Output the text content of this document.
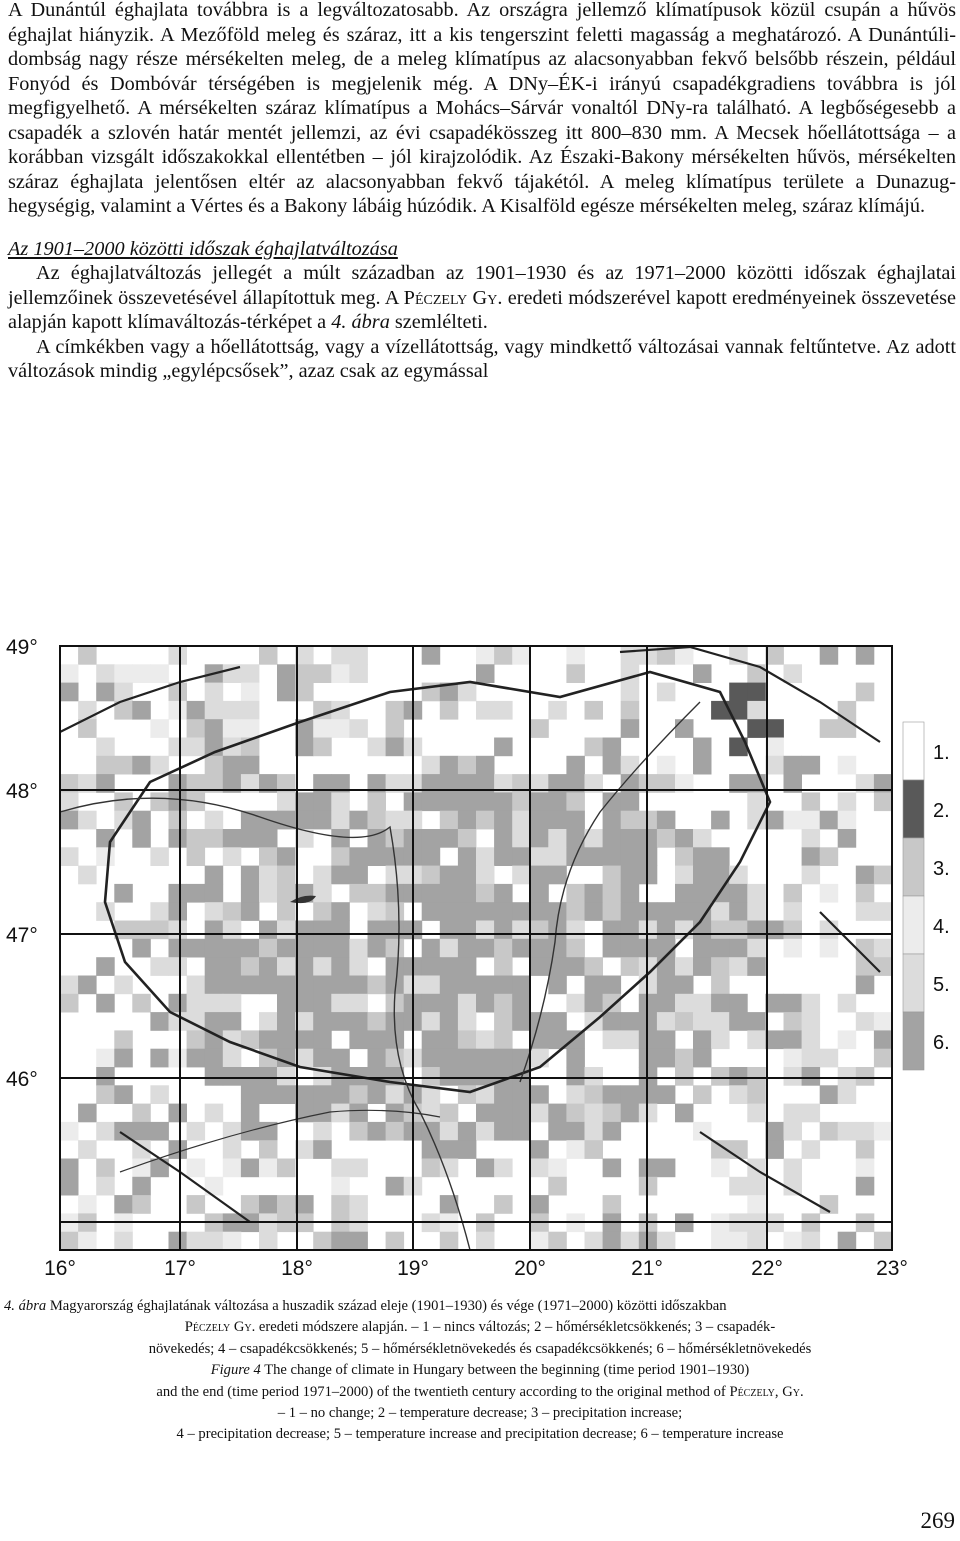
A Dunántúl éghajlata továbbra is a legváltozatosabb. Az országra jellemző klímatípusok közül csupán a hűvös éghajlat hiányzik. A Mezőföld meleg és száraz, itt a kis tengerszint feletti magasság a meghatározó. A Dunántúli-dombság nagy része mérsékelten meleg, de a meleg klímatípus az alacsonyabban fekvő belsőbb részein, például Fonyód és Dombóvár térségében is megjelenik még. A DNy–ÉK-i irányú csapadékgradiens továbbra is jól megfigyelhető. A mérsékelten száraz klímatípus a Mohács–Sárvár vonaltól DNy-ra található. A legbőségesebb a csapadék a szlovén határ mentét jellemzi, az évi csapadékösszeg itt 800–830 mm. A Mecsek hőellátottsága – a korábban vizsgált időszakokkal ellentétben – jól kirajzolódik. Az Északi-Bakony mérsékelten hűvös, mérsékelten száraz éghajlata jelentősen eltér az alacsonyabban fekvő tájakétól. A meleg klímatípus területe a Dunazug-hegységig, valamint a Vértes és a Bakony lábáig húzódik. A Kisalföld egésze mérsékelten meleg, száraz klímájú.

Az 1901–2000 közötti időszak éghajlatváltozása

Az éghajlatváltozás jellegét a múlt században az 1901–1930 és az 1971–2000 közötti időszak éghajlatai jellemzőinek összevetésével állapítottuk meg. A Péczely Gy. eredeti módszerével kapott eredményeinek összevetése alapján kapott klímaváltozás-térképet a 4. ábra szemlélteti.

A címkékben vagy a hőellátottság, vagy a vízellátottság, vagy mindkettő változásai vannak feltűntetve. Az adott változások mindig „egylépcsősek”, azaz csak az egymással

49°
48°
47°
46°
16°	17°	18°	19°	20°	21°	22°	23°
1.
2.
3.
4.
5.
6.
4. ábra Magyarország éghajlatának változása a huszadik század eleje (1901–1930) és vége (1971–2000) közötti időszakban
Péczely Gy. eredeti módszere alapján. – 1 – nincs változás; 2 – hőmérsékletcsökkenés; 3 – csapadék-
növekedés; 4 – csapadékcsökkenés; 5 – hőmérsékletnövekedés és csapadékcsökkenés; 6 – hőmérsékletnövekedés
Figure 4 The change of climate in Hungary between the beginning (time period 1901–1930)
and the end (time period 1971–2000) of the twentieth century according to the original method of Péczely, Gy.
– 1 – no change; 2 – temperature decrease; 3 – precipitation increase;
4 – precipitation decrease; 5 – temperature increase and precipitation decrease; 6 – temperature increase
269
